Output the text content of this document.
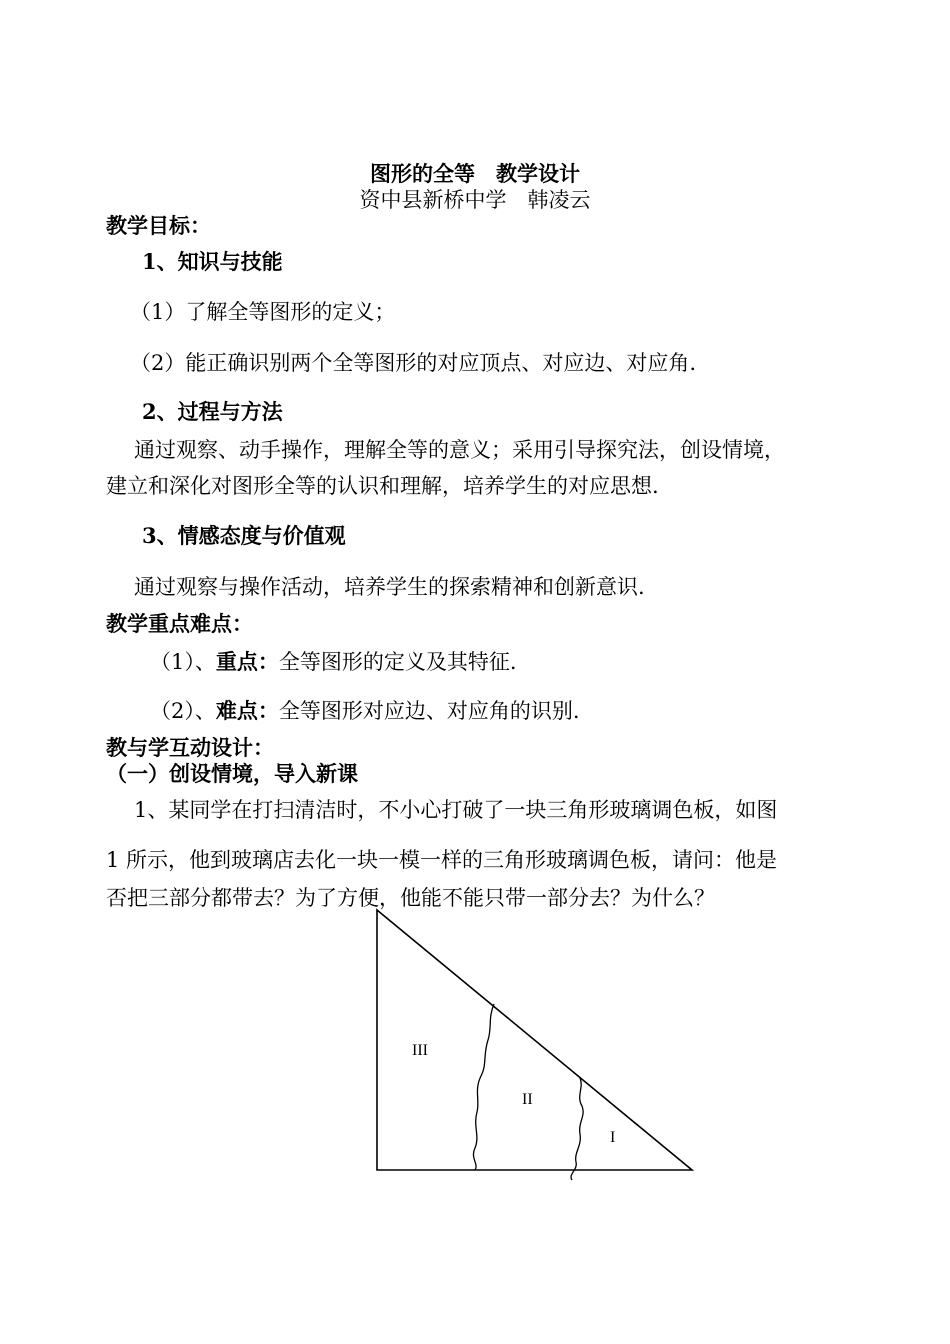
图形的全等　教学设计
资中县新桥中学　韩凌云
教学目标：
1、知识与技能
（1）了解全等图形的定义；
（2）能正确识别两个全等图形的对应顶点、对应边、对应角.
2、过程与方法
通过观察、动手操作，理解全等的意义；采用引导探究法，创设情境，
建立和深化对图形全等的认识和理解，培养学生的对应思想.
3、情感态度与价值观
通过观察与操作活动，培养学生的探索精神和创新意识.
教学重点难点：
（1）、重点：全等图形的定义及其特征.
（2）、难点：全等图形对应边、对应角的识别.
教与学互动设计：
（一）创设情境，导入新课
1、某同学在打扫清洁时，不小心打破了一块三角形玻璃调色板，如图
1 所示，他到玻璃店去化一块一模一样的三角形玻璃调色板，请问：他是
否把三部分都带去？为了方便，他能不能只带一部分去？为什么？
III
II
I
